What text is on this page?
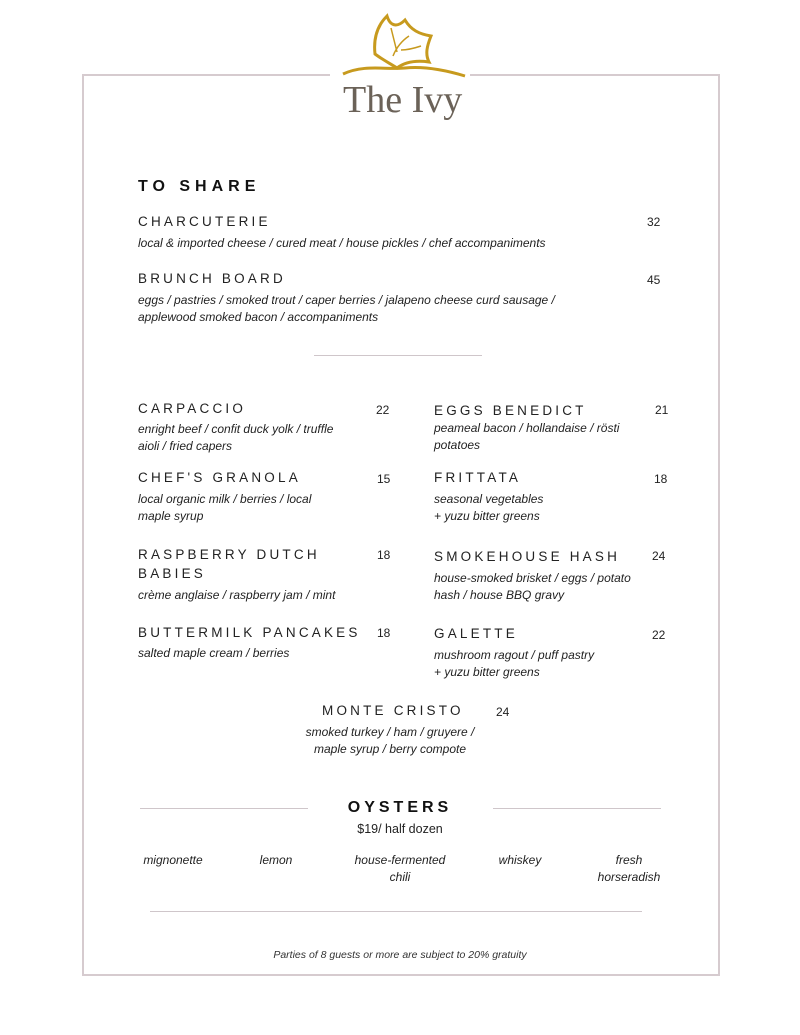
The Ivy
TO SHARE
CHARCUTERIE	32
local & imported cheese / cured meat / house pickles / chef accompaniments
BRUNCH BOARD	45
eggs / pastries / smoked trout / caper berries / jalapeno cheese curd sausage /
applewood smoked bacon / accompaniments
CARPACCIO	22
enright beef / confit duck yolk / truffle
aioli / fried capers
CHEF'S GRANOLA	15
local organic milk / berries / local
maple syrup
RASPBERRY DUTCH
BABIES
18
crème anglaise / raspberry jam / mint
BUTTERMILK PANCAKES 18
salted maple cream / berries
EGGS BENEDICT	21
peameal bacon / hollandaise / rösti
potatoes
FRITTATA	18
seasonal vegetables
+ yuzu bitter greens
SMOKEHOUSE HASH	24
house-smoked brisket / eggs / potato
hash / house BBQ gravy
GALETTE	22
mushroom ragout / puff pastry
+ yuzu bitter greens
MONTE CRISTO	24
smoked turkey / ham / gruyere /
maple syrup / berry compote
OYSTERS
$19/ half dozen
mignonette	lemon	house-fermented
chili
whiskey	fresh
horseradish
Parties of 8 guests or more are subject to 20% gratuity
